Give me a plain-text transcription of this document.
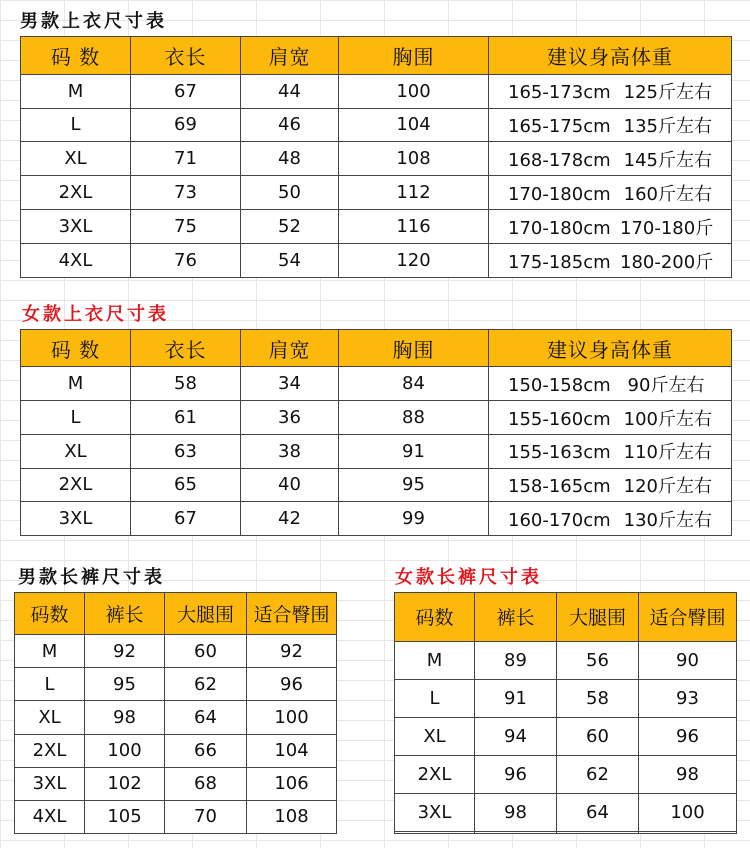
男款上衣尺寸表
码 数	衣长	肩宽	胸围	建议身高体重
M	67	44	100	165-173cm 125斤左右
L	69	46	104	165-175cm 135斤左右
XL	71	48	108	168-178cm 145斤左右
2XL	73	50	112	170-180cm 160斤左右
3XL	75	52	116	170-180cm 170-180斤
4XL	76	54	120	175-185cm 180-200斤
女款上衣尺寸表
码 数	衣长	肩宽	胸围	建议身高体重
M	58	34	84	150-158cm 90斤左右
L	61	36	88	155-160cm 100斤左右
XL	63	38	91	155-163cm 110斤左右
2XL	65	40	95	158-165cm 120斤左右
3XL	67	42	99	160-170cm 130斤左右
男款长裤尺寸表
码数	裤长	大腿围	适合臀围
M	92	60	92
L	95	62	96
XL	98	64	100
2XL	100	66	104
3XL	102	68	106
4XL	105	70	108
女款长裤尺寸表
码数	裤长	大腿围	适合臀围
M	89	56	90
L	91	58	93
XL	94	60	96
2XL	96	62	98
3XL	98	64	100
